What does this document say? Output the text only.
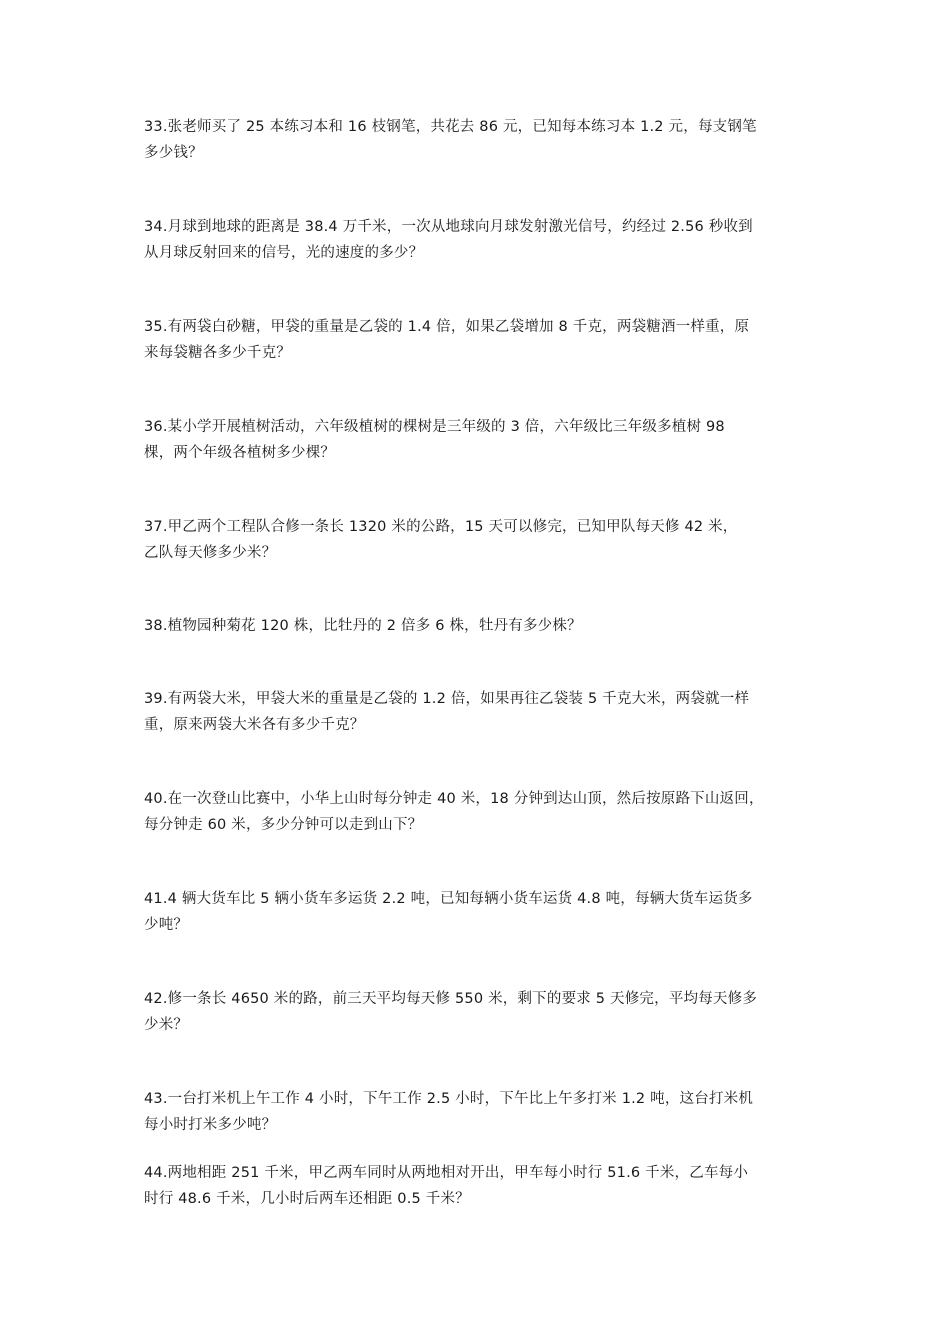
33.张老师买了 25 本练习本和 16 枝钢笔，共花去 86 元，已知每本练习本 1.2 元，每支钢笔
多少钱？
34.月球到地球的距离是 38.4 万千米，一次从地球向月球发射激光信号，约经过 2.56 秒收到
从月球反射回来的信号，光的速度的多少？
35.有两袋白砂糖，甲袋的重量是乙袋的 1.4 倍，如果乙袋增加 8 千克，两袋糖酒一样重，原
来每袋糖各多少千克？
36.某小学开展植树活动，六年级植树的棵树是三年级的 3 倍，六年级比三年级多植树 98
棵，两个年级各植树多少棵？
37.甲乙两个工程队合修一条长 1320 米的公路，15 天可以修完，已知甲队每天修 42 米，
乙队每天修多少米？
38.植物园种菊花 120 株，比牡丹的 2 倍多 6 株，牡丹有多少株？
39.有两袋大米，甲袋大米的重量是乙袋的 1.2 倍，如果再往乙袋装 5 千克大米，两袋就一样
重，原来两袋大米各有多少千克？
40.在一次登山比赛中，小华上山时每分钟走 40 米，18 分钟到达山顶，然后按原路下山返回，
每分钟走 60 米，多少分钟可以走到山下？
41.4 辆大货车比 5 辆小货车多运货 2.2 吨，已知每辆小货车运货 4.8 吨，每辆大货车运货多
少吨？
42.修一条长 4650 米的路，前三天平均每天修 550 米，剩下的要求 5 天修完，平均每天修多
少米？
43.一台打米机上午工作 4 小时，下午工作 2.5 小时，下午比上午多打米 1.2 吨，这台打米机
每小时打米多少吨？
44.两地相距 251 千米，甲乙两车同时从两地相对开出，甲车每小时行 51.6 千米，乙车每小
时行 48.6 千米，几小时后两车还相距 0.5 千米？
